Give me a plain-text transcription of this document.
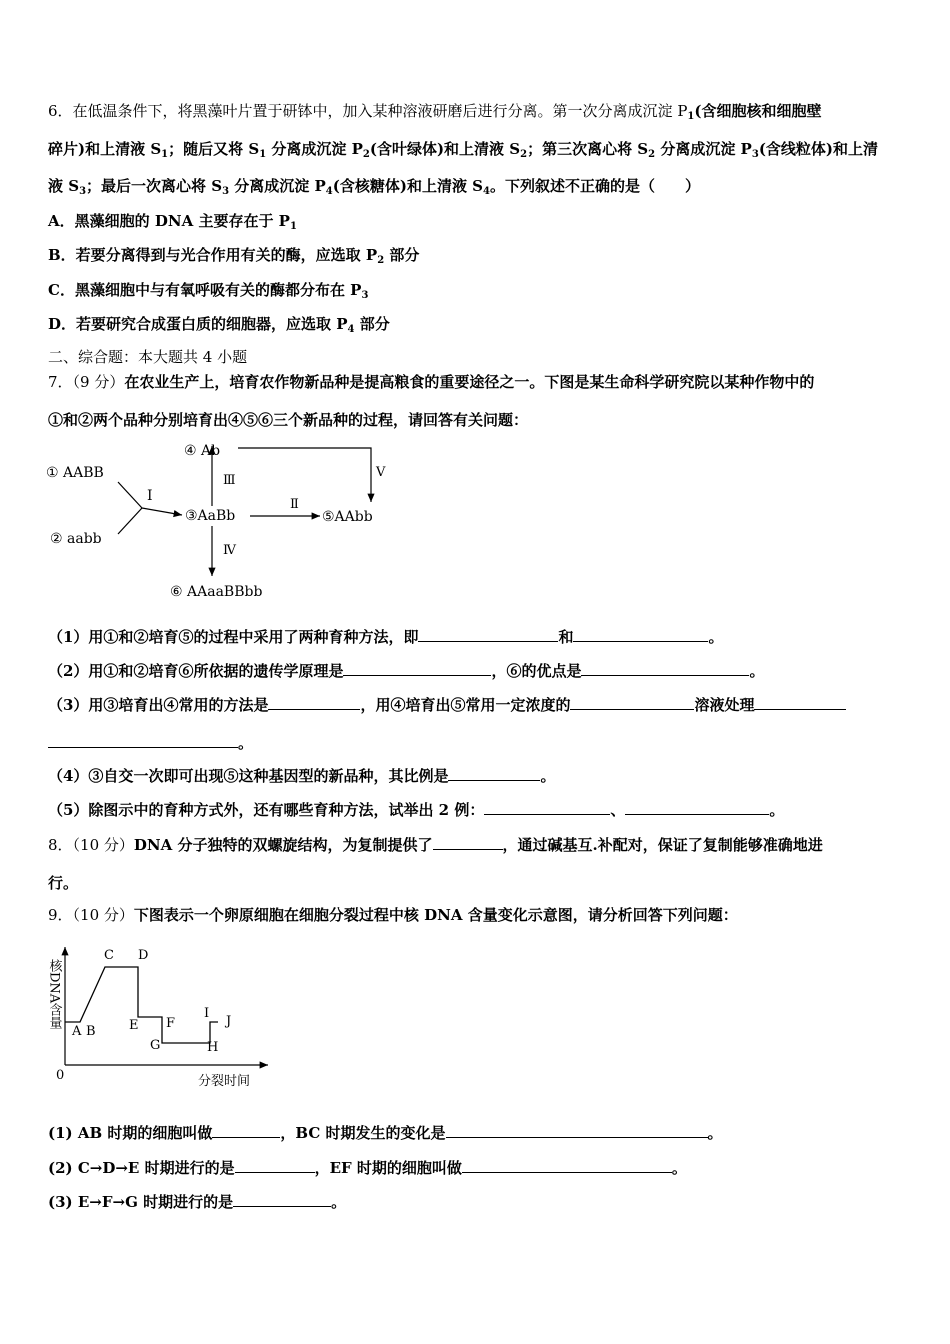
6．在低温条件下，将黑藻叶片置于研钵中，加入某种溶液研磨后进行分离。第一次分离成沉淀 $P_1$(含细胞核和细胞壁
碎片)和上清液 $S_1$；随后又将 $S_1$ 分离成沉淀 $P_2$(含叶绿体)和上清液 $S_2$；第三次离心将 $S_2$ 分离成沉淀 $P_3$(含线粒体)和上清
液 $S_3$；最后一次离心将 $S_3$ 分离成沉淀 $P_4$(含核糖体)和上清液 $S_4$。下列叙述不正确的是（　　）
A．黑藻细胞的 DNA 主要存在于 $P_1$
B．若要分离得到与光合作用有关的酶，应选取 $P_2$ 部分
C．黑藻细胞中与有氧呼吸有关的酶都分布在 $P_3$
D．若要研究合成蛋白质的细胞器，应选取 $P_4$ 部分
二、综合题：本大题共 4 小题
7．（9 分）在农业生产上，培育农作物新品种是提高粮食的重要途径之一。下图是某生命科学研究院以某种作物中的
①和②两个品种分别培育出④⑤⑥三个新品种的过程，请回答有关问题：
① AABB
② aabb
④ Ab
③AaBb	⑤AAbb
⑥ AAaaBBbb
Ⅰ
Ⅲ
Ⅱ
Ⅴ
Ⅳ
（1）用①和②培育⑤的过程中采用了两种育种方法，即	和	。
（2）用①和②培育⑥所依据的遗传学原理是	，⑥的优点是	。
（3）用③培育出④常用的方法是	，用④培育出⑤常用一定浓度的	溶液处理
。
（4）③自交一次即可出现⑤这种基因型的新品种，其比例是	。
（5）除图示中的育种方式外，还有哪些育种方法，试举出 2 例：	、	。
8．（10 分）DNA 分子独特的双螺旋结构，为复制提供了	，通过碱基互.补配对，保证了复制能够准确地进
行。
9．（10 分）下图表示一个卵原细胞在细胞分裂过程中核 DNA 含量变化示意图，请分析回答下列问题：
0	分裂时间
核DNA含量
A B
C D
E F
G	H
I
J
(1) AB 时期的细胞叫做	，BC 时期发生的变化是	。
(2) C→D→E 时期进行的是	，EF 时期的细胞叫做	。
(3) E→F→G 时期进行的是	。
